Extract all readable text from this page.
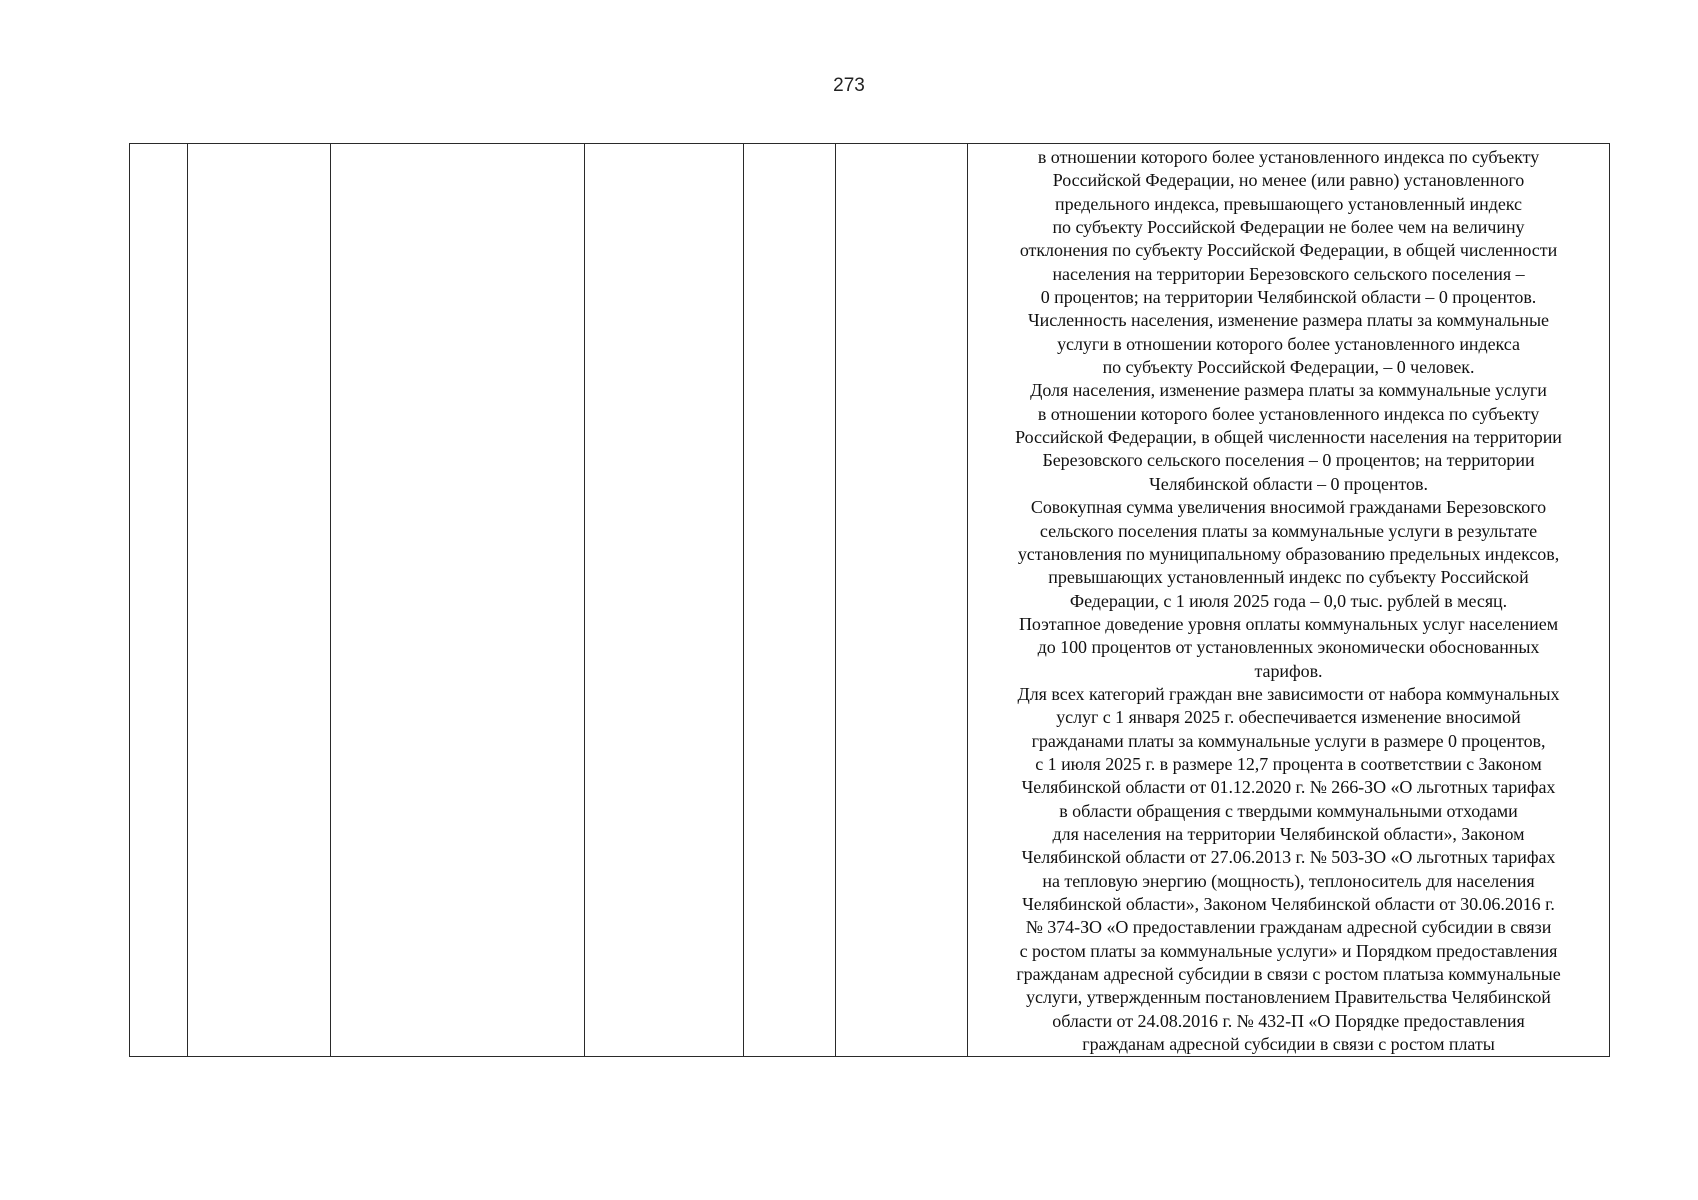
273

в отношении которого более установленного индекса по субъекту
Российской Федерации, но менее (или равно) установленного
предельного индекса, превышающего установленный индекс
по субъекту Российской Федерации не более чем на величину
отклонения по субъекту Российской Федерации, в общей численности
населения на территории Березовского сельского поселения –
0 процентов; на территории Челябинской области – 0 процентов.
Численность населения, изменение размера платы за коммунальные
услуги в отношении которого более установленного индекса
по субъекту Российской Федерации, – 0 человек.
Доля населения, изменение размера платы за коммунальные услуги
в отношении которого более установленного индекса по субъекту
Российской Федерации, в общей численности населения на территории
Березовского сельского поселения – 0 процентов; на территории
Челябинской области – 0 процентов.
Совокупная сумма увеличения вносимой гражданами Березовского
сельского поселения платы за коммунальные услуги в результате
установления по муниципальному образованию предельных индексов,
превышающих установленный индекс по субъекту Российской
Федерации, с 1 июля 2025 года – 0,0 тыс. рублей в месяц.
Поэтапное доведение уровня оплаты коммунальных услуг населением
до 100 процентов от установленных экономически обоснованных
тарифов.
Для всех категорий граждан вне зависимости от набора коммунальных
услуг с 1 января 2025 г. обеспечивается изменение вносимой
гражданами платы за коммунальные услуги в размере 0 процентов,
с 1 июля 2025 г. в размере 12,7 процента в соответствии с Законом
Челябинской области от 01.12.2020 г. № 266-ЗО «О льготных тарифах
в области обращения с твердыми коммунальными отходами
для населения на территории Челябинской области», Законом
Челябинской области от 27.06.2013 г. № 503-ЗО «О льготных тарифах
на тепловую энергию (мощность), теплоноситель для населения
Челябинской области», Законом Челябинской области от 30.06.2016 г.
№ 374-ЗО «О предоставлении гражданам адресной субсидии в связи
с ростом платы за коммунальные услуги» и Порядком предоставления
гражданам адресной субсидии в связи с ростом платыза коммунальные
услуги, утвержденным постановлением Правительства Челябинской
области от 24.08.2016 г. № 432-П «О Порядке предоставления
гражданам адресной субсидии в связи с ростом платы
